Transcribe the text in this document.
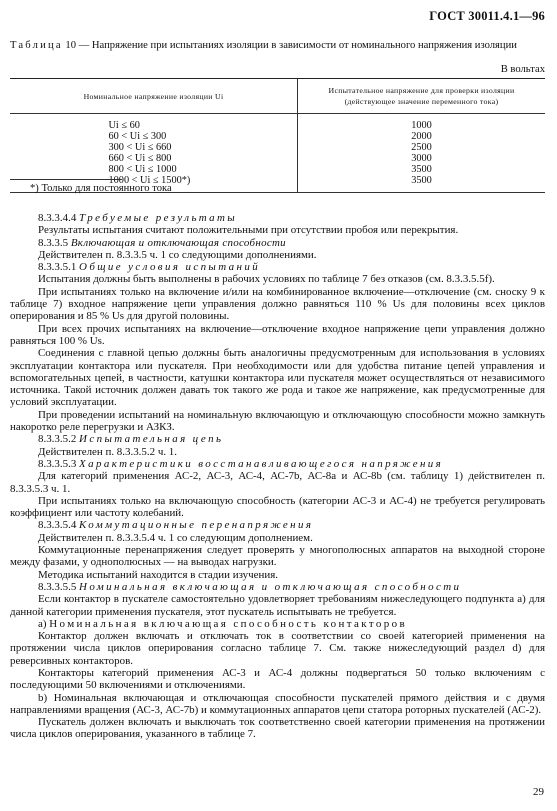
ГОСТ 30011.4.1—96
Таблица 10 — Напряжение при испытаниях изоляции в зависимости от номинального напряжения изоляции
В вольтах
Номинальное напряжение изоляции Ui	Испытательное напряжение для проверки изоляции
(действующее значение переменного тока)

Ui ≤ 60	1000
60 < Ui ≤ 300	2000
300 < Ui ≤ 660	2500
660 < Ui ≤ 800	3000
800 < Ui ≤ 1000	3500
1000 < Ui ≤ 1500*)	3500
*) Только для постоянного тока

8.3.3.4.4 Требуемые результаты

Результаты испытания считают положительными при отсутствии пробоя или перекрытия.

8.3.3.5 Включающая и отключающая способности

Действителен п. 8.3.3.5 ч. 1 со следующими дополнениями.

8.3.3.5.1 Общие условия испытаний

Испытания должны быть выполнены в рабочих условиях по таблице 7 без отказов (см. 8.3.3.5.5f).

При испытаниях только на включение и/или на комбинированное включение—отключение (см. сноску 9 к таблице 7) входное напряжение цепи управления должно равняться 110 % Us для половины всех циклов оперирования и 85 % Us для другой половины.

При всех прочих испытаниях на включение—отключение входное напряжение цепи управления должно равняться 100 % Us.

Соединения с главной цепью должны быть аналогичны предусмотренным для использования в условиях эксплуатации контактора или пускателя. При необходимости или для удобства питание цепей управления и вспомогательных цепей, в частности, катушки контактора или пускателя может осуществляться от независимого источника. Такой источник должен давать ток такого же рода и такое же напряжение, как предусмотренные для условий эксплуатации.

При проведении испытаний на номинальную включающую и отключающую способности можно замкнуть накоротко реле перегрузки и АЗКЗ.

8.3.3.5.2 Испытательная цепь

Действителен п. 8.3.3.5.2 ч. 1.

8.3.3.5.3 Характеристики восстанавливающегося напряжения

Для категорий применения АС-2, АС-3, АС-4, АС-7b, АС-8а и АС-8b (см. таблицу 1) действителен п. 8.3.3.5.3 ч. 1.

При испытаниях только на включающую способность (категории АС-3 и АС-4) не требуется регулировать коэффициент или частоту колебаний.

8.3.3.5.4 Коммутационные перенапряжения

Действителен п. 8.3.3.5.4 ч. 1 со следующим дополнением.

Коммутационные перенапряжения следует проверять у многополюсных аппаратов на выходной стороне между фазами, у однополюсных — на выводах нагрузки.

Методика испытаний находится в стадии изучения.

8.3.3.5.5 Номинальная включающая и отключающая способности

Если контактор в пускателе самостоятельно удовлетворяет требованиям нижеследующего подпункта а) для данной категории применения пускателя, этот пускатель испытывать не требуется.

а) Номинальная включающая способность контакторов

Контактор должен включать и отключать ток в соответствии со своей категорией применения на протяжении числа циклов оперирования согласно таблице 7. См. также нижеследующий раздел d) для реверсивных контакторов.

Контакторы категорий применения АС-3 и АС-4 должны подвергаться 50 только включениям с последующими 50 включениями и отключениями.

b) Номинальная включающая и отключающая способности пускателей прямого действия и с двумя направлениями вращения (АС-3, АС-7b) и коммутационных аппаратов цепи статора роторных пускателей (АС-2).

Пускатель должен включать и выключать ток соответственно своей категории применения на протяжении числа циклов оперирования, указанного в таблице 7.

29
